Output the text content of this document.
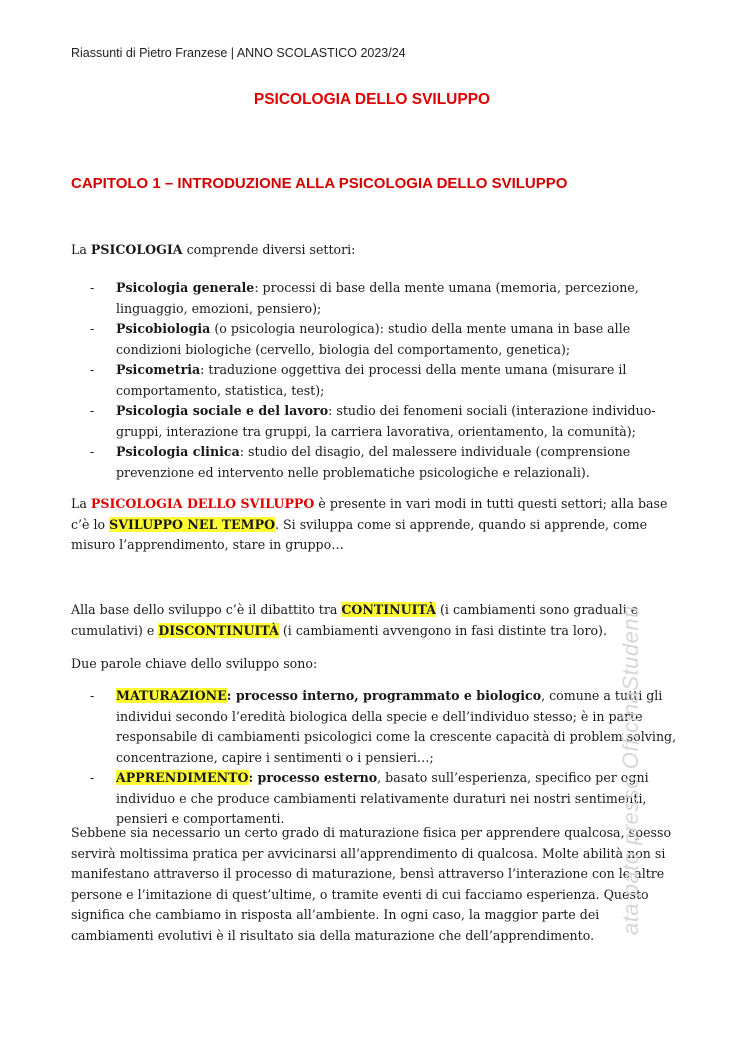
Riassunti di Pietro Franzese | ANNO SCOLASTICO 2023/24
PSICOLOGIA DELLO SVILUPPO
CAPITOLO 1 – INTRODUZIONE ALLA PSICOLOGIA DELLO SVILUPPO

La PSICOLOGIA comprende diversi settori:

- Psicologia generale: processi di base della mente umana (memoria, percezione, linguaggio, emozioni, pensiero);

- Psicobiologia (o psicologia neurologica): studio della mente umana in base alle condizioni biologiche (cervello, biologia del comportamento, genetica);

- Psicometria: traduzione oggettiva dei processi della mente umana (misurare il comportamento, statistica, test);

- Psicologia sociale e del lavoro: studio dei fenomeni sociali (interazione individuo-gruppi, interazione tra gruppi, la carriera lavorativa, orientamento, la comunità);

- Psicologia clinica: studio del disagio, del malessere individuale (comprensione prevenzione ed intervento nelle problematiche psicologiche e relazionali).

La PSICOLOGIA DELLO SVILUPPO è presente in vari modi in tutti questi settori; alla base c’è lo SVILUPPO NEL TEMPO. Si sviluppa come si apprende, quando si apprende, come misuro l’apprendimento, stare in gruppo…

Alla base dello sviluppo c’è il dibattito tra CONTINUITÀ (i cambiamenti sono graduali e cumulativi) e DISCONTINUITÀ (i cambiamenti avvengono in fasi distinte tra loro).

Due parole chiave dello sviluppo sono:

- MATURAZIONE: processo interno, programmato e biologico, comune a tutti gli individui secondo l’eredità biologica della specie e dell’individuo stesso; è in parte responsabile di cambiamenti psicologici come la crescente capacità di problem solving, concentrazione, capire i sentimenti o i pensieri…;

- APPRENDIMENTO: processo esterno, basato sull’esperienza, specifico per ogni individuo e che produce cambiamenti relativamente duraturi nei nostri sentimenti, pensieri e comportamenti.

Sebbene sia necessario un certo grado di maturazione fisica per apprendere qualcosa, spesso servirà moltissima pratica per avvicinarsi all’apprendimento di qualcosa. Molte abilità non si manifestano attraverso il processo di maturazione, bensì attraverso l’interazione con le altre persone e l’imitazione di quest’ultime, o tramite eventi di cui facciamo esperienza. Questo significa che cambiamo in risposta all’ambiente. In ogni caso, la maggior parte dei cambiamenti evolutivi è il risultato sia della maturazione che dell’apprendimento.	ata pato presso OfficinaStudenti
